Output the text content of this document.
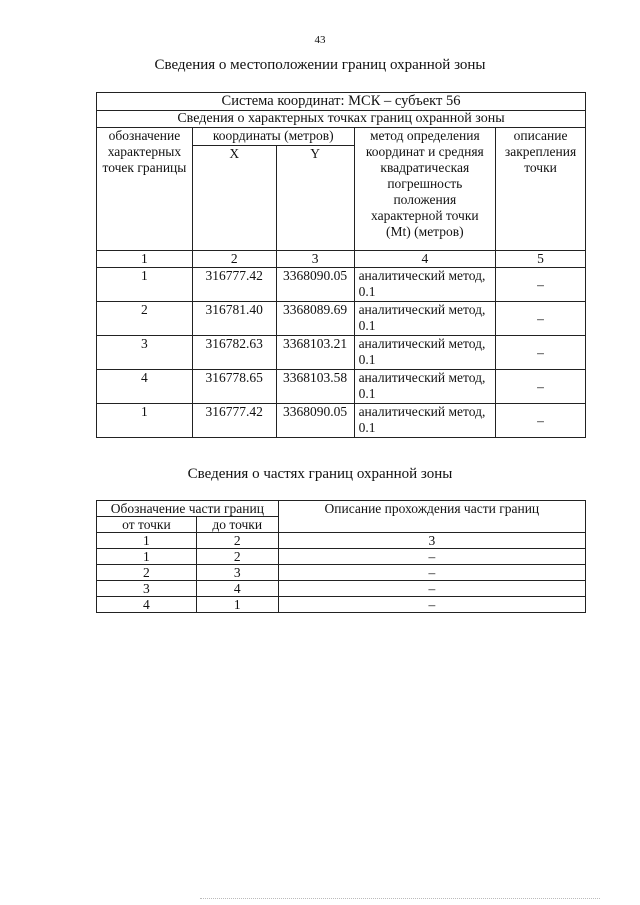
43
Сведения о местоположении границ охранной зоны
Система координат: МСК – субъект 56				
Сведения о характерных точках границ охранной зоны				
обозначение характерных точек границы	координаты (метров)		метод определения координат и средняя квадратическая погрешность положения характерной точки (Mt) (метров)	описание закрепления точки
	X	Y		
1	2	3	4	5
1	316777.42	3368090.05	аналитический метод, 0.1	–
2	316781.40	3368089.69	аналитический метод, 0.1	–
3	316782.63	3368103.21	аналитический метод, 0.1	–
4	316778.65	3368103.58	аналитический метод, 0.1	–
1	316777.42	3368090.05	аналитический метод, 0.1	–
Сведения о частях границ охранной зоны
Обозначение части границ		Описание прохождения части границ
от точки	до точки	
1	2	3
1	2	–
2	3	–
3	4	–
4	1	–
